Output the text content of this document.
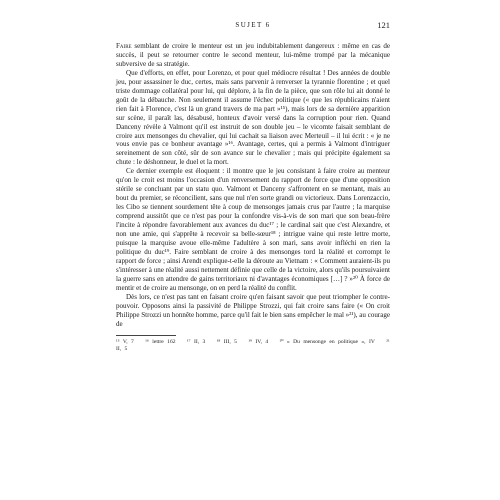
SUJET 6	121

Faire semblant de croire le menteur est un jeu indubitablement dangereux : même en cas de succès, il peut se retourner contre le second menteur, lui-même trompé par la mécanique subversive de sa stratégie.

Que d'efforts, en effet, pour Lorenzo, et pour quel médiocre résultat ! Des années de double jeu, pour assassiner le duc, certes, mais sans parvenir à renverser la tyrannie florentine ; et quel triste dommage collatéral pour lui, qui déplore, à la fin de la pièce, que son rôle lui ait donné le goût de la débauche. Non seulement il assume l'échec politique (« que les républicains n'aient rien fait à Florence, c'est là un grand travers de ma part »¹⁵), mais lors de sa dernière apparition sur scène, il paraît las, désabusé, honteux d'avoir versé dans la corruption pour rien. Quand Danceny révèle à Valmont qu'il est instruit de son double jeu – le vicomte faisait semblant de croire aux mensonges du chevalier, qui lui cachait sa liaison avec Merteuil – il lui écrit : « je ne vous envie pas ce bonheur avantage »¹⁶. Avantage, certes, qui a permis à Valmont d'intriguer sereinement de son côté, sûr de son avance sur le chevalier ; mais qui précipite également sa chute : le déshonneur, le duel et la mort.

Ce dernier exemple est éloquent : il montre que le jeu consistant à faire croire au menteur qu'on le croit est moins l'occasion d'un renversement du rapport de force que d'une opposition stérile se concluant par un statu quo. Valmont et Danceny s'affrontent en se mentant, mais au bout du premier, se réconcilient, sans que nul n'en sorte grandi ou victorieux. Dans Lorenzaccio, les Cibo se tiennent sourdement tête à coup de mensonges jamais crus par l'autre ; la marquise comprend aussitôt que ce n'est pas pour la confondre vis-à-vis de son mari que son beau-frère l'incite à répondre favorablement aux avances du duc¹⁷ ; le cardinal sait que c'est Alexandre, et non une amie, qui s'apprête à recevoir sa belle-sœur¹⁸ ; intrigue vaine qui reste lettre morte, puisque la marquise avoue elle-même l'adultère à son mari, sans avoir infléchi en rien la politique du duc¹⁹. Faire semblant de croire à des mensonges tord la réalité et corrompt le rapport de force ; ainsi Arendt explique-t-elle la déroute au Vietnam : « Comment auraient-ils pu s'intéresser à une réalité aussi nettement définie que celle de la victoire, alors qu'ils poursuivaient la guerre sans en attendre de gains territoriaux ni d'avantages économiques […] ? »²⁰ À force de mentir et de croire au mensonge, on en perd la réalité du conflit.

Dès lors, ce n'est pas tant en faisant croire qu'en faisant savoir que peut triompher le contre-pouvoir. Opposons ainsi la passivité de Philippe Strozzi, qui fait croire sans faire (« On croit Philippe Strozzi un honnête homme, parce qu'il fait le bien sans empêcher le mal »²¹), au courage de

¹⁵ V, 7 ¹⁶ lettre 162 ¹⁷ II, 3 ¹⁸ III, 5 ¹⁹ IV, 4 ²⁰ « Du mensonge en politique », IV ²¹ II, 5
